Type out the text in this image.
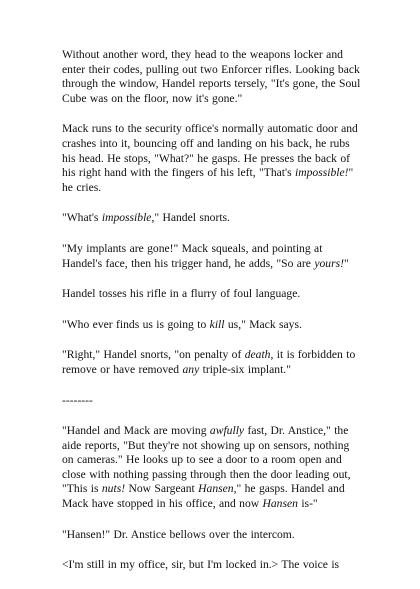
Without another word, they head to the weapons locker and enter their codes, pulling out two Enforcer rifles. Looking back through the window, Handel reports tersely, "It's gone, the Soul Cube was on the floor, now it's gone."

Mack runs to the security office's normally automatic door and crashes into it, bouncing off and landing on his back, he rubs his head. He stops, "What?" he gasps. He presses the back of his right hand with the fingers of his left, "That's impossible!" he cries.

"What's impossible," Handel snorts.

"My implants are gone!" Mack squeals, and pointing at Handel's face, then his trigger hand, he adds, "So are yours!"

Handel tosses his rifle in a flurry of foul language.

"Who ever finds us is going to kill us," Mack says.

"Right," Handel snorts, "on penalty of death, it is forbidden to remove or have removed any triple-six implant."

--------

"Handel and Mack are moving awfully fast, Dr. Anstice," the aide reports, "But they're not showing up on sensors, nothing on cameras." He looks up to see a door to a room open and close with nothing passing through then the door leading out, "This is nuts! Now Sargeant Hansen," he gasps. Handel and Mack have stopped in his office, and now Hansen is-"

"Hansen!" Dr. Anstice bellows over the intercom.

<I'm still in my office, sir, but I'm locked in.> The voice is
